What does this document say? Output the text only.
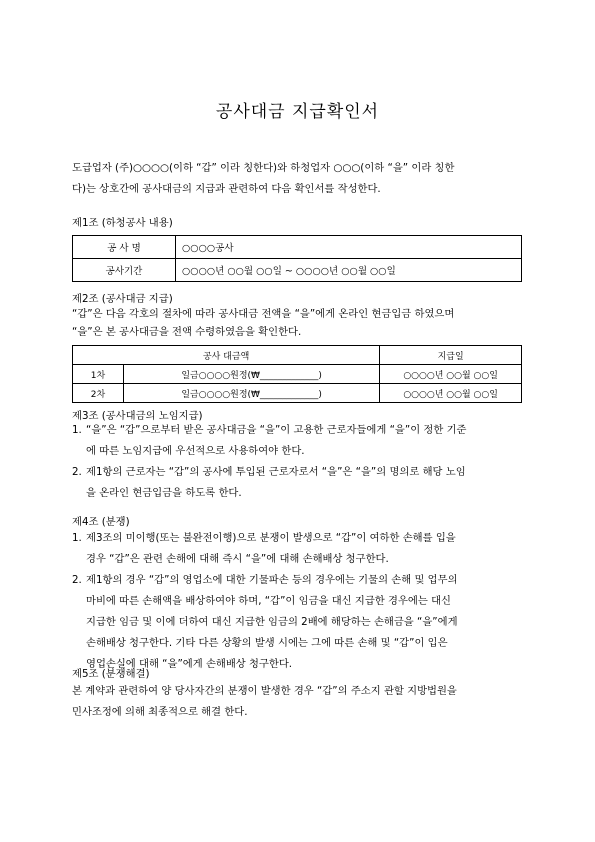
공사대금 지급확인서
도급업자 (주)○○○○(이하 “갑” 이라 칭한다)와 하청업자 ○○○(이하 “을” 이라 칭한
다)는 상호간에 공사대금의 지급과 관련하여 다음 확인서를 작성한다.
제1조 (하청공사 내용)
공 사 명	○○○○공사
공사기간	○○○○년 ○○월 ○○일 ~ ○○○○년 ○○월 ○○일
제2조 (공사대금 지급)
“갑”은 다음 각호의 절차에 따라 공사대금 전액을 “을”에게 온라인 현금입금 하였으며
“을”은 본 공사대금을 전액 수령하였음을 확인한다.
공사 대금액		지급일
1차	일금○○○○원정(₩_____________)	○○○○년 ○○월 ○○일
2차	일금○○○○원정(₩_____________)	○○○○년 ○○월 ○○일
제3조 (공사대금의 노임지급)
1. “을”은 “갑”으로부터 받은 공사대금을 “을”이 고용한 근로자들에게 “을”이 정한 기준
에 따른 노임지급에 우선적으로 사용하여야 한다.
2. 제1항의 근로자는 “갑”의 공사에 투입된 근로자로서 “을”은 “을”의 명의로 해당 노임
을 온라인 현금입금을 하도록 한다.
제4조 (분쟁)
1. 제3조의 미이행(또는 불완전이행)으로 분쟁이 발생으로 “갑”이 여하한 손해를 입을
경우 “갑”은 관련 손해에 대해 즉시 “을”에 대해 손해배상 청구한다.
2. 제1항의 경우 “갑”의 영업소에 대한 기물파손 등의 경우에는 기물의 손해 및 업무의
마비에 따른 손해액을 배상하여야 하며, “갑”이 임금을 대신 지급한 경우에는 대신
지급한 임금 및 이에 더하여 대신 지급한 임금의 2배에 해당하는 손해금을 “을”에게
손해배상 청구한다. 기타 다른 상황의 발생 시에는 그에 따른 손해 및 “갑”이 입은
영업손실에 대해 “을”에게 손해배상 청구한다.
제5조 (분쟁해결)
본 계약과 관련하여 양 당사자간의 분쟁이 발생한 경우 “갑”의 주소지 관할 지방법원을
민사조정에 의해 최종적으로 해결 한다.
